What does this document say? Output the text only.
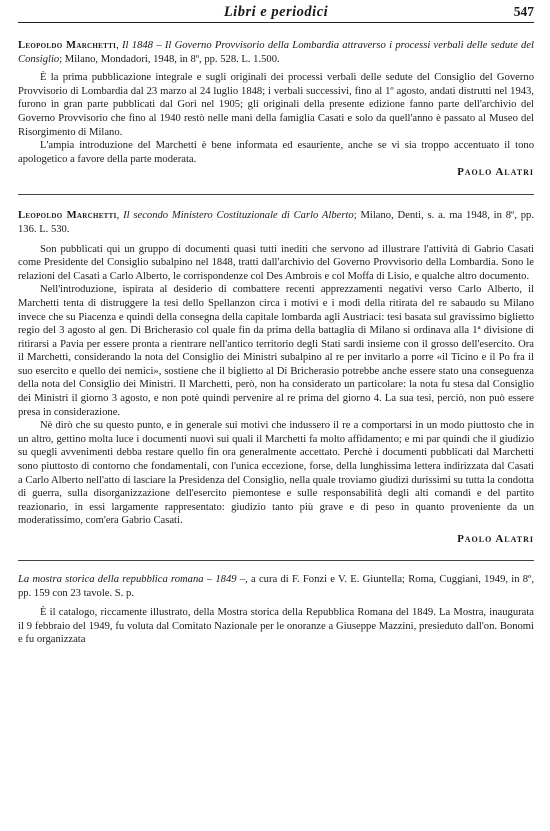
Libri e periodici	547

Leopoldo Marchetti, Il 1848 – Il Governo Provvisorio della Lombardia attraverso i processi verbali delle sedute del Consiglio; Milano, Mondadori, 1948, in 8º, pp. 528. L. 1.500.

È la prima pubblicazione integrale e sugli originali dei processi verbali delle sedute del Consiglio del Governo Provvisorio di Lombardia dal 23 marzo al 24 luglio 1848; i verbali successivi, fino al 1º agosto, andati distrutti nel 1943, furono in gran parte pubblicati dal Gori nel 1905; gli originali della presente edizione fanno parte dell'archivio del Governo Provvisorio che fino al 1940 restò nelle mani della famiglia Casati e solo da quell'anno è passato al Museo del Risorgimento di Milano.

L'ampia introduzione del Marchetti è bene informata ed esauriente, anche se vi sia troppo accentuato il tono apologetico a favore della parte moderata.

Paolo Alatri

Leopoldo Marchetti, Il secondo Ministero Costituzionale di Carlo Alberto; Milano, Denti, s. a. ma 1948, in 8º, pp. 136. L. 530.

Son pubblicati qui un gruppo di documenti quasi tutti inediti che servono ad illustrare l'attività di Gabrio Casati come Presidente del Consiglio subalpino nel 1848, tratti dall'archivio del Governo Provvisorio della Lombardia. Sono le relazioni del Casati a Carlo Alberto, le corrispondenze col Des Ambrois e col Moffa di Lisio, e qualche altro documento.

Nell'introduzione, ispirata al desiderio di combattere recenti apprezzamenti negativi verso Carlo Alberto, il Marchetti tenta di distruggere la tesi dello Spellanzon circa i motivi e i modi della ritirata del re sabaudo su Milano invece che su Piacenza e quindi della consegna della capitale lombarda agli Austriaci: tesi basata sul gravissimo biglietto regio del 3 agosto al gen. Di Bricherasio col quale fin da prima della battaglia di Milano si ordinava alla 1ª divisione di ritirarsi a Pavia per essere pronta a rientrare nell'antico territorio degli Stati sardi insieme con il grosso dell'esercito. Ora il Marchetti, considerando la nota del Consiglio dei Ministri subalpino al re per invitarlo a porre «il Ticino e il Po fra il suo esercito e quello dei nemici», sostiene che il biglietto al Di Bricherasio potrebbe anche essere stato una conseguenza della nota del Consiglio dei Ministri. Il Marchetti, però, non ha considerato un particolare: la nota fu stesa dal Consiglio dei Ministri il giorno 3 agosto, e non potè quindi pervenire al re prima del giorno 4. La sua tesi, perciò, non può essere presa in considerazione.

Nè dirò che su questo punto, e in generale sui motivi che indussero il re a comportarsi in un modo piuttosto che in un altro, gettino molta luce i documenti nuovi sui quali il Marchetti fa molto affidamento; e mi par quindi che il giudizio su quegli avvenimenti debba restare quello fin ora generalmente accettato. Perchè i documenti pubblicati dal Marchetti sono piuttosto di contorno che fondamentali, con l'unica eccezione, forse, della lunghissima lettera indirizzata dal Casati a Carlo Alberto nell'atto di lasciare la Presidenza del Consiglio, nella quale troviamo giudizi durissimi su tutta la condotta di guerra, sulla disorganizzazione dell'esercito piemontese e sulle responsabilità degli alti comandi e del partito reazionario, in essi largamente rappresentato: giudizio tanto più grave e di peso in quanto proveniente da un moderatissimo, com'era Gabrio Casati.

Paolo Alatri

La mostra storica della repubblica romana – 1849 –, a cura di F. Fonzi e V. E. Giuntella; Roma, Cuggiani, 1949, in 8º, pp. 159 con 23 tavole. S. p.

È il catalogo, riccamente illustrato, della Mostra storica della Repubblica Romana del 1849. La Mostra, inaugurata il 9 febbraio del 1949, fu voluta dal Comitato Nazionale per le onoranze a Giuseppe Mazzini, presieduto dall'on. Bonomi e fu organizzata
